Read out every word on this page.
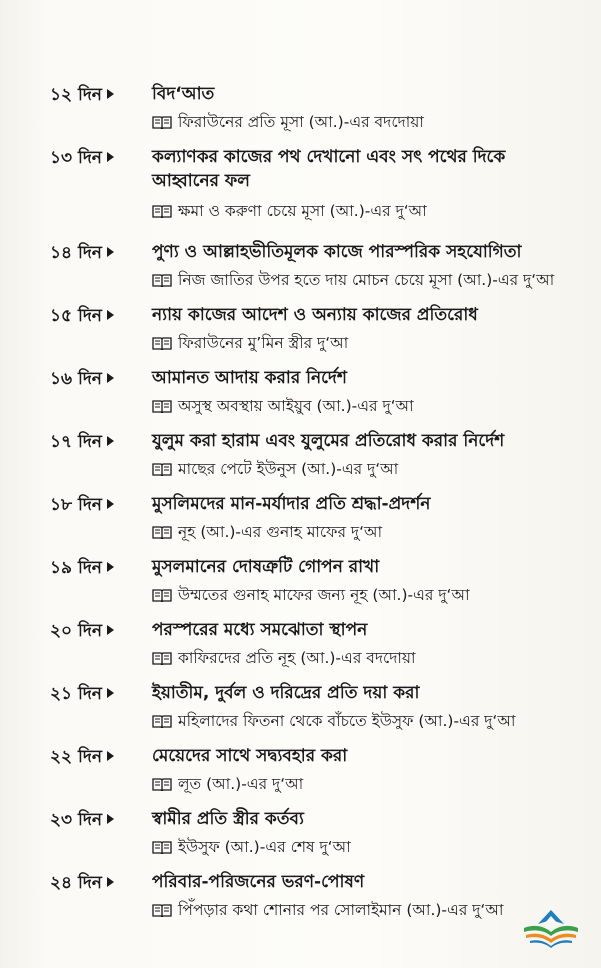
১২ দিন	বিদ‘আত
ফিরাউনের প্রতি মূসা (আ.)-এর বদদোয়া
১৩ দিন	কল্যাণকর কাজের পথ দেখানো এবং সৎ পথের দিকে আহ্বানের ফল
ক্ষমা ও করুণা চেয়ে মূসা (আ.)-এর দু‘আ
১৪ দিন	পুণ্য ও আল্লাহভীতিমূলক কাজে পারস্পরিক সহযোগিতা
নিজ জাতির উপর হতে দায় মোচন চেয়ে মূসা (আ.)-এর দু‘আ
১৫ দিন	ন্যায় কাজের আদেশ ও অন্যায় কাজের প্রতিরোধ
ফিরাউনের মু’মিন স্ত্রীর দু‘আ
১৬ দিন	আমানত আদায় করার নির্দেশ
অসুস্থ অবস্থায় আইয়ুব (আ.)-এর দু‘আ
১৭ দিন	যুলুম করা হারাম এবং যুলুমের প্রতিরোধ করার নির্দেশ
মাছের পেটে ইউনুস (আ.)-এর দু‘আ
১৮ দিন	মুসলিমদের মান-মর্যাদার প্রতি শ্রদ্ধা-প্রদর্শন
নূহ (আ.)-এর গুনাহ মাফের দু‘আ
১৯ দিন	মুসলমানের দোষত্রুটি গোপন রাখা
উম্মতের গুনাহ মাফের জন্য নূহ (আ.)-এর দু‘আ
২০ দিন	পরস্পরের মধ্যে সমঝোতা স্থাপন
কাফিরদের প্রতি নূহ (আ.)-এর বদদোয়া
২১ দিন	ইয়াতীম, দুর্বল ও দরিদ্রের প্রতি দয়া করা
মহিলাদের ফিতনা থেকে বাঁচতে ইউসুফ (আ.)-এর দু‘আ
২২ দিন	মেয়েদের সাথে সদ্ব্যবহার করা
লূত (আ.)-এর দু‘আ
২৩ দিন	স্বামীর প্রতি স্ত্রীর কর্তব্য
ইউসুফ (আ.)-এর শেষ দু‘আ
২৪ দিন	পরিবার-পরিজনের ভরণ-পোষণ
পিঁপড়ার কথা শোনার পর সোলাইমান (আ.)-এর দু‘আ
